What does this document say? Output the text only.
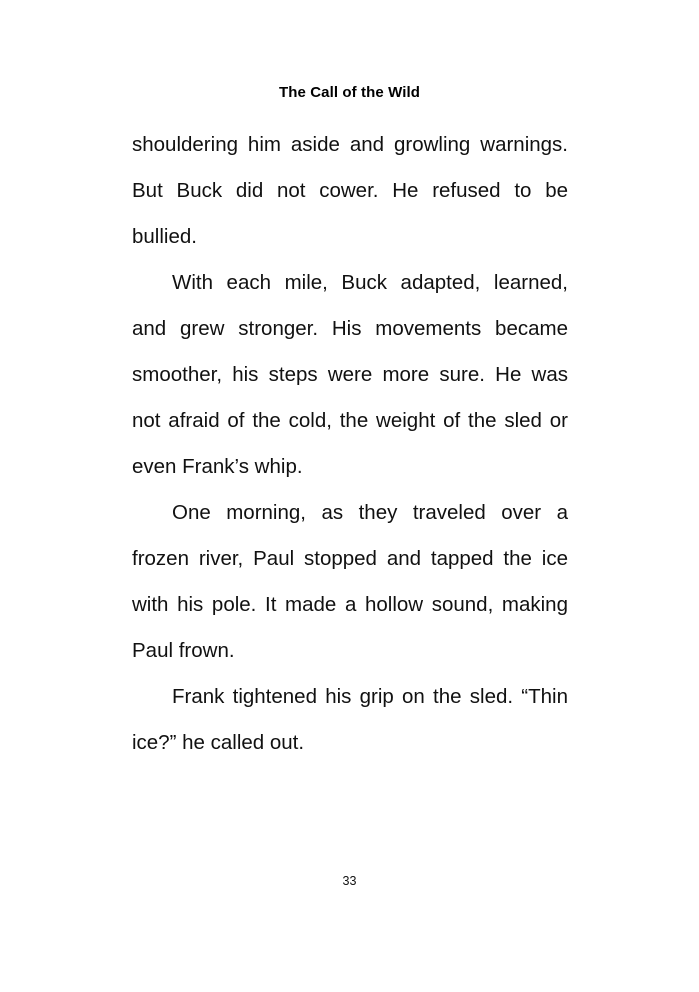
The Call of the Wild

shouldering him aside and growling warnings. But Buck did not cower. He refused to be bullied.

With each mile, Buck adapted, learned, and grew stronger. His movements became smoother, his steps were more sure. He was not afraid of the cold, the weight of the sled or even Frank’s whip.

One morning, as they traveled over a frozen river, Paul stopped and tapped the ice with his pole. It made a hollow sound, making Paul frown.

Frank tightened his grip on the sled. “Thin ice?” he called out.

33
